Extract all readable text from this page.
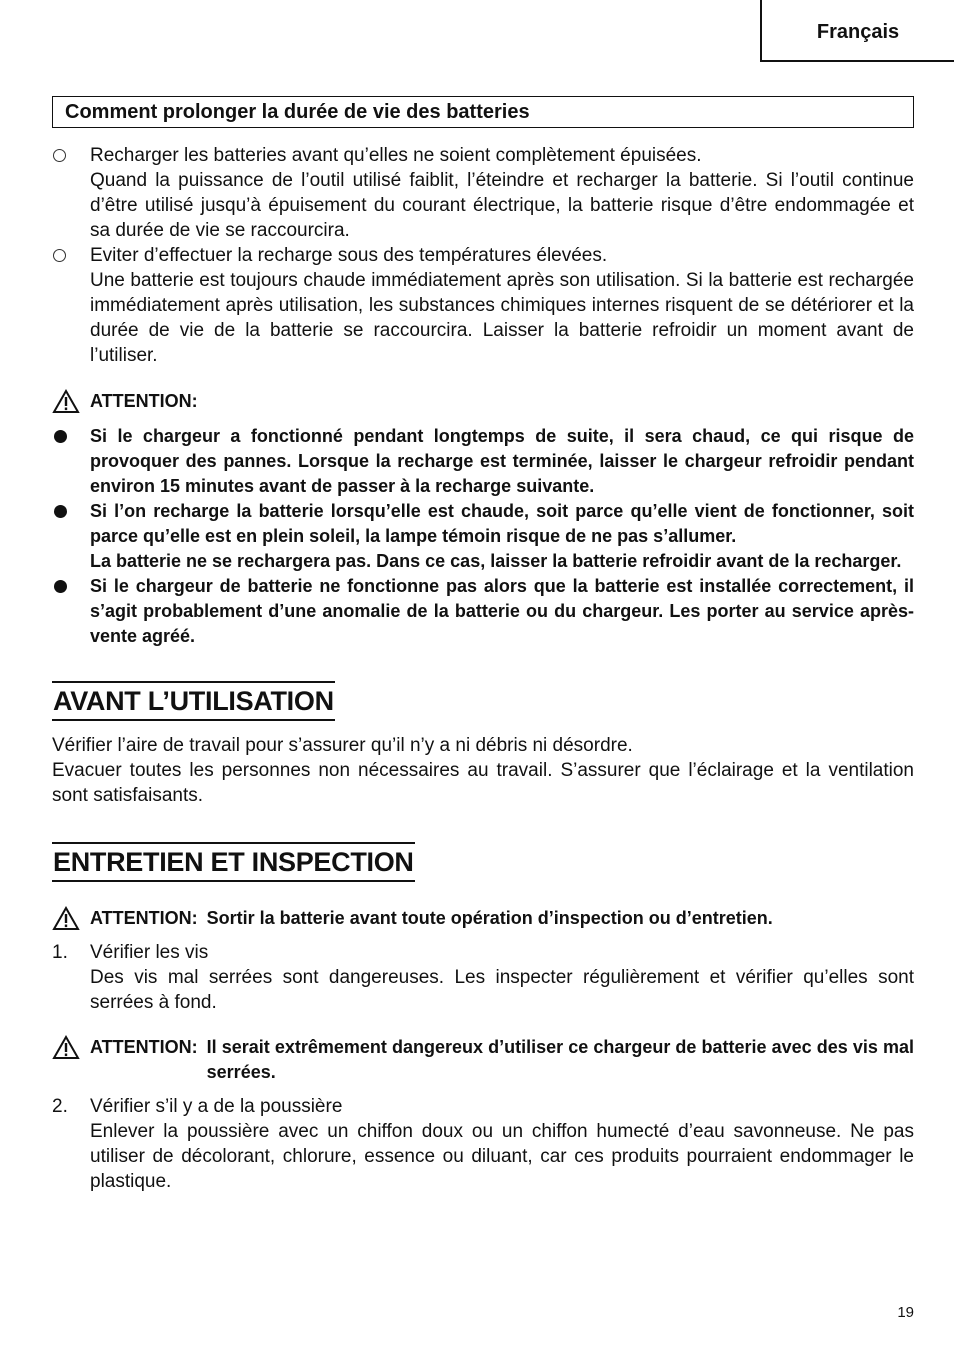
Français
Comment prolonger la durée de vie des batteries
Recharger les batteries avant qu’elles ne soient complètement épuisées.
Quand la puissance de l’outil utilisé faiblit, l’éteindre et recharger la batterie. Si l’outil continue d’être utilisé jusqu’à épuisement du courant électrique, la batterie risque d’être endommagée et sa durée de vie se raccourcira.
Eviter d’effectuer la recharge sous des températures élevées.
Une batterie est toujours chaude immédiatement après son utilisation. Si la batterie est rechargée immédiatement après utilisation, les substances chimiques internes risquent de se détériorer et la durée de vie de la batterie se raccourcira. Laisser la batterie refroidir un moment avant de l’utiliser.
ATTENTION:
Si le chargeur a fonctionné pendant longtemps de suite, il sera chaud, ce qui risque de provoquer des pannes. Lorsque la recharge est terminée, laisser le chargeur refroidir pendant environ 15 minutes avant de passer à la recharge suivante.
Si l’on recharge la batterie lorsqu’elle est chaude, soit parce qu’elle vient de fonctionner, soit parce qu’elle est en plein soleil, la lampe témoin risque de ne pas s’allumer.
La batterie ne se rechargera pas. Dans ce cas, laisser la batterie refroidir avant de la recharger.
Si le chargeur de batterie ne fonctionne pas alors que la batterie est installée correctement, il s’agit probablement d’une anomalie de la batterie ou du chargeur. Les porter au service après-vente agréé.
AVANT L’UTILISATION
Vérifier l’aire de travail pour s’assurer qu’il n’y a ni débris ni désordre.
Evacuer toutes les personnes non nécessaires au travail. S’assurer que l’éclairage et la ventilation sont satisfaisants.
ENTRETIEN ET INSPECTION
ATTENTION: Sortir la batterie avant toute opération d’inspection ou d’entretien.
1. Vérifier les vis
Des vis mal serrées sont dangereuses. Les inspecter régulièrement et vérifier qu’elles sont serrées à fond.
ATTENTION: Il serait extrêmement dangereux d’utiliser ce chargeur de batterie avec des vis mal serrées.
2. Vérifier s’il y a de la poussière
Enlever la poussière avec un chiffon doux ou un chiffon humecté d’eau savonneuse. Ne pas utiliser de décolorant, chlorure, essence ou diluant, car ces produits pourraient endommager le plastique.
19
